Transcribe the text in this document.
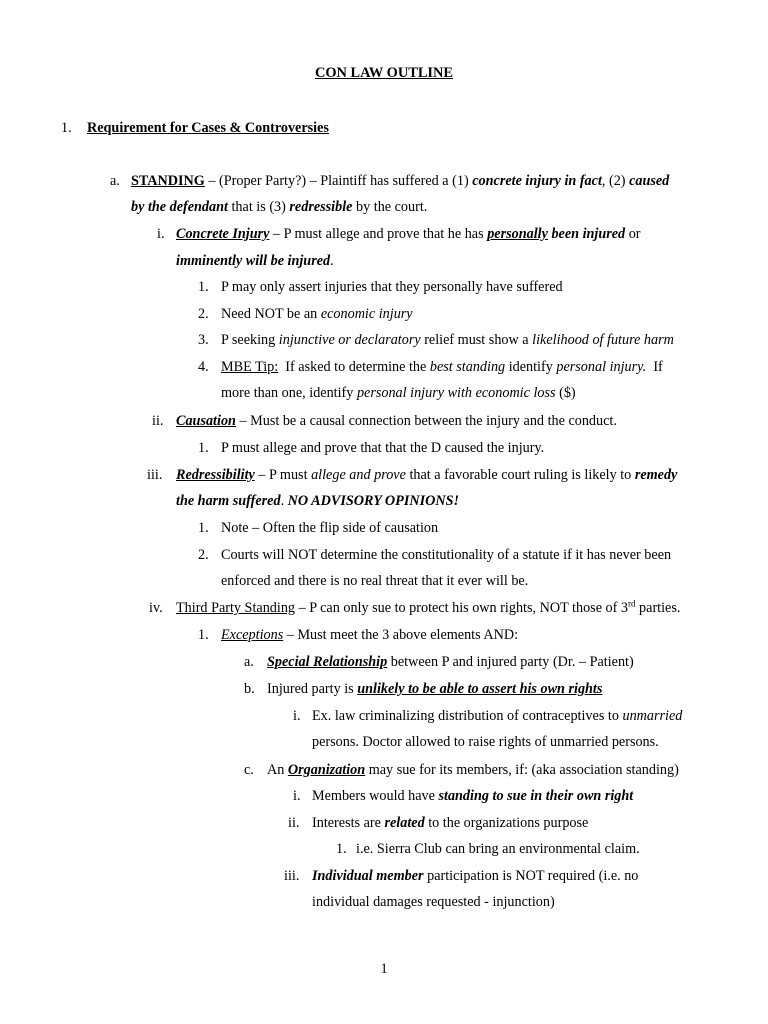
CON LAW OUTLINE
1. Requirement for Cases & Controversies
a. STANDING – (Proper Party?) – Plaintiff has suffered a (1) concrete injury in fact, (2) caused
by the defendant that is (3) redressible by the court.
i. Concrete Injury – P must allege and prove that he has personally been injured or
imminently will be injured.
1. P may only assert injuries that they personally have suffered
2. Need NOT be an economic injury
3. P seeking injunctive or declaratory relief must show a likelihood of future harm
4. MBE Tip:  If asked to determine the best standing identify personal injury.  If
more than one, identify personal injury with economic loss ($)
ii. Causation – Must be a causal connection between the injury and the conduct.
1. P must allege and prove that that the D caused the injury.
iii. Redressibility – P must allege and prove that a favorable court ruling is likely to remedy
the harm suffered. NO ADVISORY OPINIONS!
1. Note – Often the flip side of causation
2. Courts will NOT determine the constitutionality of a statute if it has never been
enforced and there is no real threat that it ever will be.
iv. Third Party Standing – P can only sue to protect his own rights, NOT those of 3rd parties.
1. Exceptions – Must meet the 3 above elements AND:
a. Special Relationship between P and injured party (Dr. – Patient)
b. Injured party is unlikely to be able to assert his own rights
i. Ex. law criminalizing distribution of contraceptives to unmarried
persons. Doctor allowed to raise rights of unmarried persons.
c. An Organization may sue for its members, if: (aka association standing)
i. Members would have standing to sue in their own right
ii. Interests are related to the organizations purpose
1. i.e. Sierra Club can bring an environmental claim.
iii. Individual member participation is NOT required (i.e. no
individual damages requested - injunction)
1
